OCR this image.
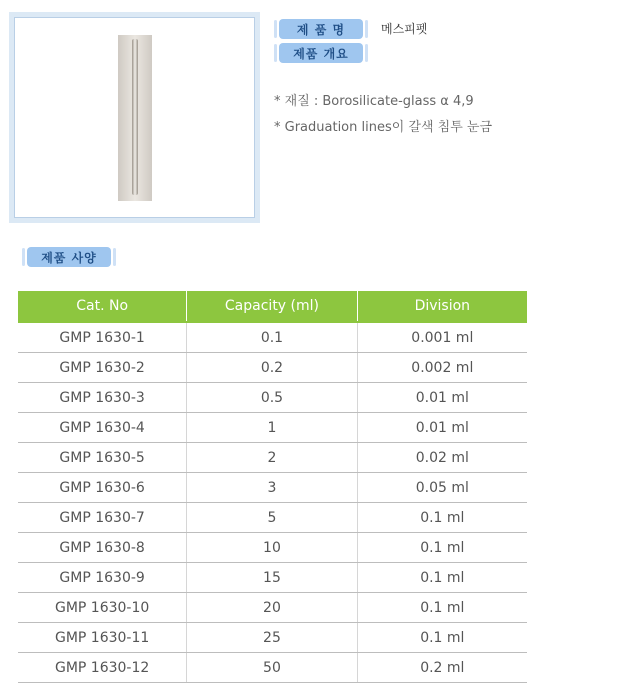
제 품 명	메스피펫
제품 개요
* 재질 : Borosilicate-glass α 4,9
* Graduation lines이 갈색 침투 눈금
제품 사양
Cat. No	Capacity (ml)	Division
GMP 1630-1	0.1	0.001 ml
GMP 1630-2	0.2	0.002 ml
GMP 1630-3	0.5	0.01 ml
GMP 1630-4	1	0.01 ml
GMP 1630-5	2	0.02 ml
GMP 1630-6	3	0.05 ml
GMP 1630-7	5	0.1 ml
GMP 1630-8	10	0.1 ml
GMP 1630-9	15	0.1 ml
GMP 1630-10	20	0.1 ml
GMP 1630-11	25	0.1 ml
GMP 1630-12	50	0.2 ml
